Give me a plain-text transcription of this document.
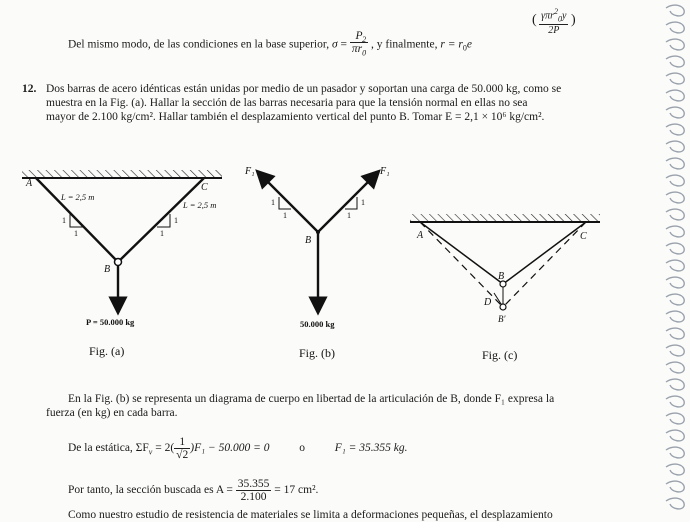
Del mismo modo, de las condiciones en la base superior, σ = P
πr
2
$_0$ , y finalmente, $r = r_0e$
( $\frac{\gamma\pi r^2_0y}{2P}$ )
12. Dos barras de acero idénticas están unidas por medio de un pasador y soportan una carga de 50.000 kg, como se
muestra en la Fig. (a). Hallar la sección de las barras necesaria para que la tensión normal en ellas no sea
mayor de 2.100 kg/cm². Hallar también el desplazamiento vertical del punto B. Tomar E = 2,1 × 10⁶ kg/cm².
A	C
B
L = 2,5 m
L = 2,5 m
1
1
1
1
P = 50.000 kg
F₁	F₁
B
1
1
1
1
50.000 kg
A	C
B
D
B'
Fig. (a)	Fig. (b)	Fig. (c)
En la Fig. (b) se representa un diagrama de cuerpo en libertad de la articulación de B, donde F₁ expresa la
fuerza (en kg) en cada barra.
De la estática, $\Sigma F_v = 2( \frac{1}{√2} )F_1 - 50.000 = 0$	o	F₁ = 35.355 kg.
Por tanto, la sección buscada es $A = \frac{35.355}{2.100} = 17$ cm².
Como nuestro estudio de resistencia de materiales se limita a deformaciones pequeñas, el desplazamiento
